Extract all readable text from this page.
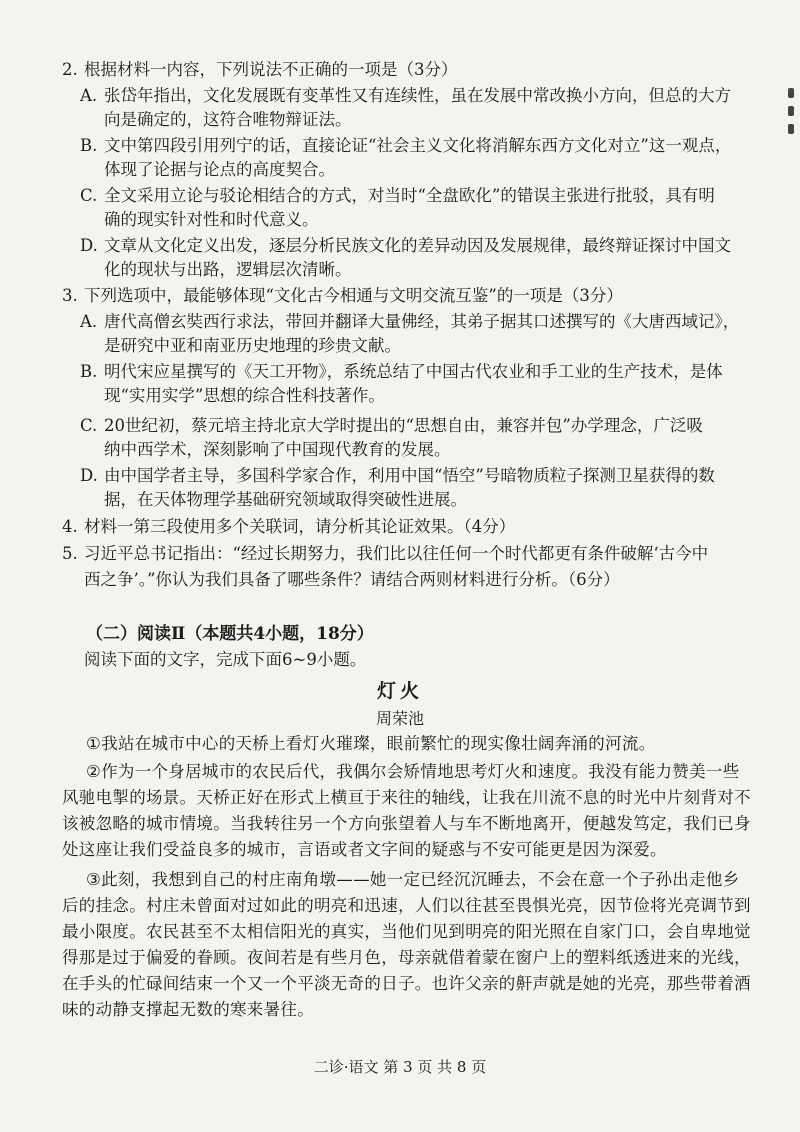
2. 根据材料一内容，下列说法不正确的一项是（3分）
A. 张岱年指出，文化发展既有变革性又有连续性，虽在发展中常改换小方向，但总的大方
向是确定的，这符合唯物辩证法。
B. 文中第四段引用列宁的话，直接论证“社会主义文化将消解东西方文化对立”这一观点，
体现了论据与论点的高度契合。
C. 全文采用立论与驳论相结合的方式，对当时“全盘欧化”的错误主张进行批驳，具有明
确的现实针对性和时代意义。
D. 文章从文化定义出发，逐层分析民族文化的差异动因及发展规律，最终辩证探讨中国文
化的现状与出路，逻辑层次清晰。
3. 下列选项中，最能够体现“文化古今相通与文明交流互鉴”的一项是（3分）
A. 唐代高僧玄奘西行求法，带回并翻译大量佛经，其弟子据其口述撰写的《大唐西域记》，
是研究中亚和南亚历史地理的珍贵文献。
B. 明代宋应星撰写的《天工开物》，系统总结了中国古代农业和手工业的生产技术，是体
现“实用实学”思想的综合性科技著作。
C. 20世纪初，蔡元培主持北京大学时提出的“思想自由，兼容并包”办学理念，广泛吸
纳中西学术，深刻影响了中国现代教育的发展。
D. 由中国学者主导，多国科学家合作，利用中国“悟空”号暗物质粒子探测卫星获得的数
据，在天体物理学基础研究领域取得突破性进展。
4. 材料一第三段使用多个关联词，请分析其论证效果。（4分）
5. 习近平总书记指出：“经过长期努力，我们比以往任何一个时代都更有条件破解‘古今中
西之争’。”你认为我们具备了哪些条件？请结合两则材料进行分析。（6分）
（二）阅读Ⅱ（本题共4小题，18分）
阅读下面的文字，完成下面6~9小题。
灯火
周荣池
①我站在城市中心的天桥上看灯火璀璨，眼前繁忙的现实像壮阔奔涌的河流。
②作为一个身居城市的农民后代，我偶尔会矫情地思考灯火和速度。我没有能力赞美一些
风驰电掣的场景。天桥正好在形式上横亘于来往的轴线，让我在川流不息的时光中片刻背对不
该被忽略的城市情境。当我转往另一个方向张望着人与车不断地离开，便越发笃定，我们已身
处这座让我们受益良多的城市，言语或者文字间的疑惑与不安可能更是因为深爱。
③此刻，我想到自己的村庄南角墩——她一定已经沉沉睡去，不会在意一个子孙出走他乡
后的挂念。村庄未曾面对过如此的明亮和迅速，人们以往甚至畏惧光亮，因节俭将光亮调节到
最小限度。农民甚至不太相信阳光的真实，当他们见到明亮的阳光照在自家门口，会自卑地觉
得那是过于偏爱的眷顾。夜间若是有些月色，母亲就借着蒙在窗户上的塑料纸透进来的光线，
在手头的忙碌间结束一个又一个平淡无奇的日子。也许父亲的鼾声就是她的光亮，那些带着酒
味的动静支撑起无数的寒来暑往。
二诊·语文 第 3 页 共 8 页
